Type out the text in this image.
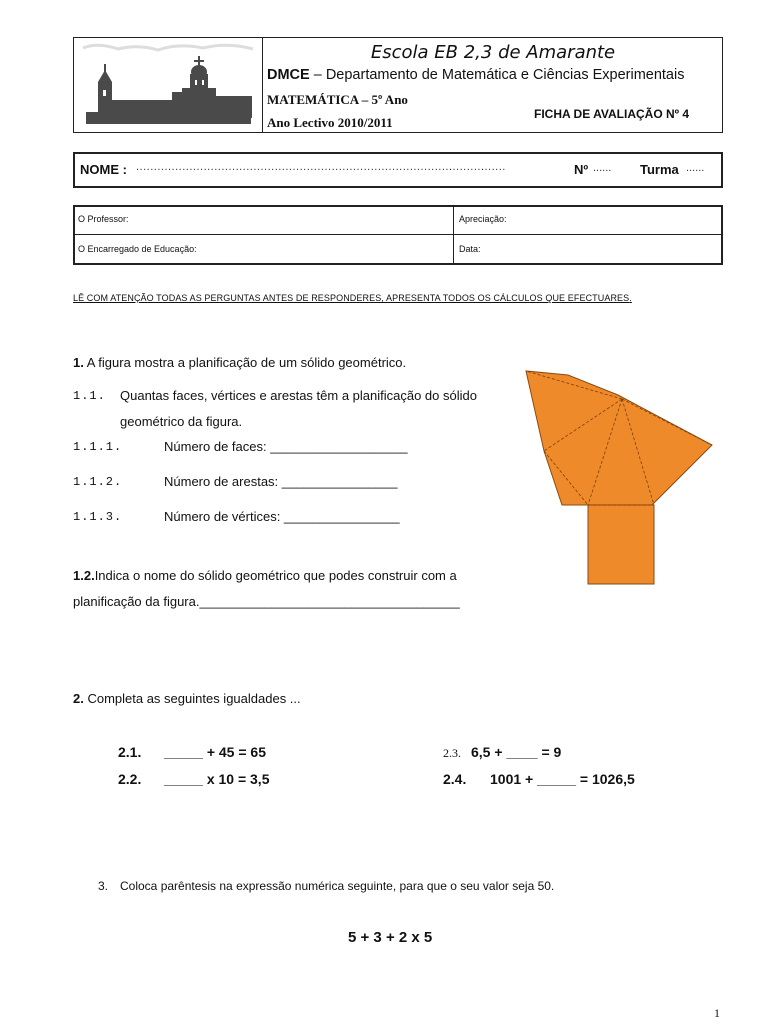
Escola EB 2,3 de Amarante
DMCE – Departamento de Matemática e Ciências Experimentais
MATEMÁTICA – 5º Ano
Ano Lectivo 2010/2011
FICHA DE AVALIAÇÃO Nº 4
NOME : ........................................................................................................	Nº ...... Turma ......
O Professor:	Apreciação:
O Encarregado de Educação:	Data:
LÊ COM ATENÇÃO TODAS AS PERGUNTAS ANTES DE RESPONDERES, APRESENTA TODOS OS CÁLCULOS QUE EFECTUARES.
1. A figura mostra a planificação de um sólido geométrico.
1.1. Quantas faces, vértices e arestas têm a planificação do sólido
geométrico da figura.
1.1.1.	Número de faces: ___________________
1.1.2.	Número de arestas: ________________
1.1.3.	Número de vértices: ________________
1.2.Indica o nome do sólido geométrico que podes construir com a
planificação da figura.____________________________________
2. Completa as seguintes igualdades ...
2.1. _____ + 45 = 65
2.2. _____ x 10 = 3,5
2.3. 6,5 + ____ = 9
2.4. 1001 + _____ = 1026,5
3. Coloca parêntesis na expressão numérica seguinte, para que o seu valor seja 50.
5 + 3 + 2 x 5
1
